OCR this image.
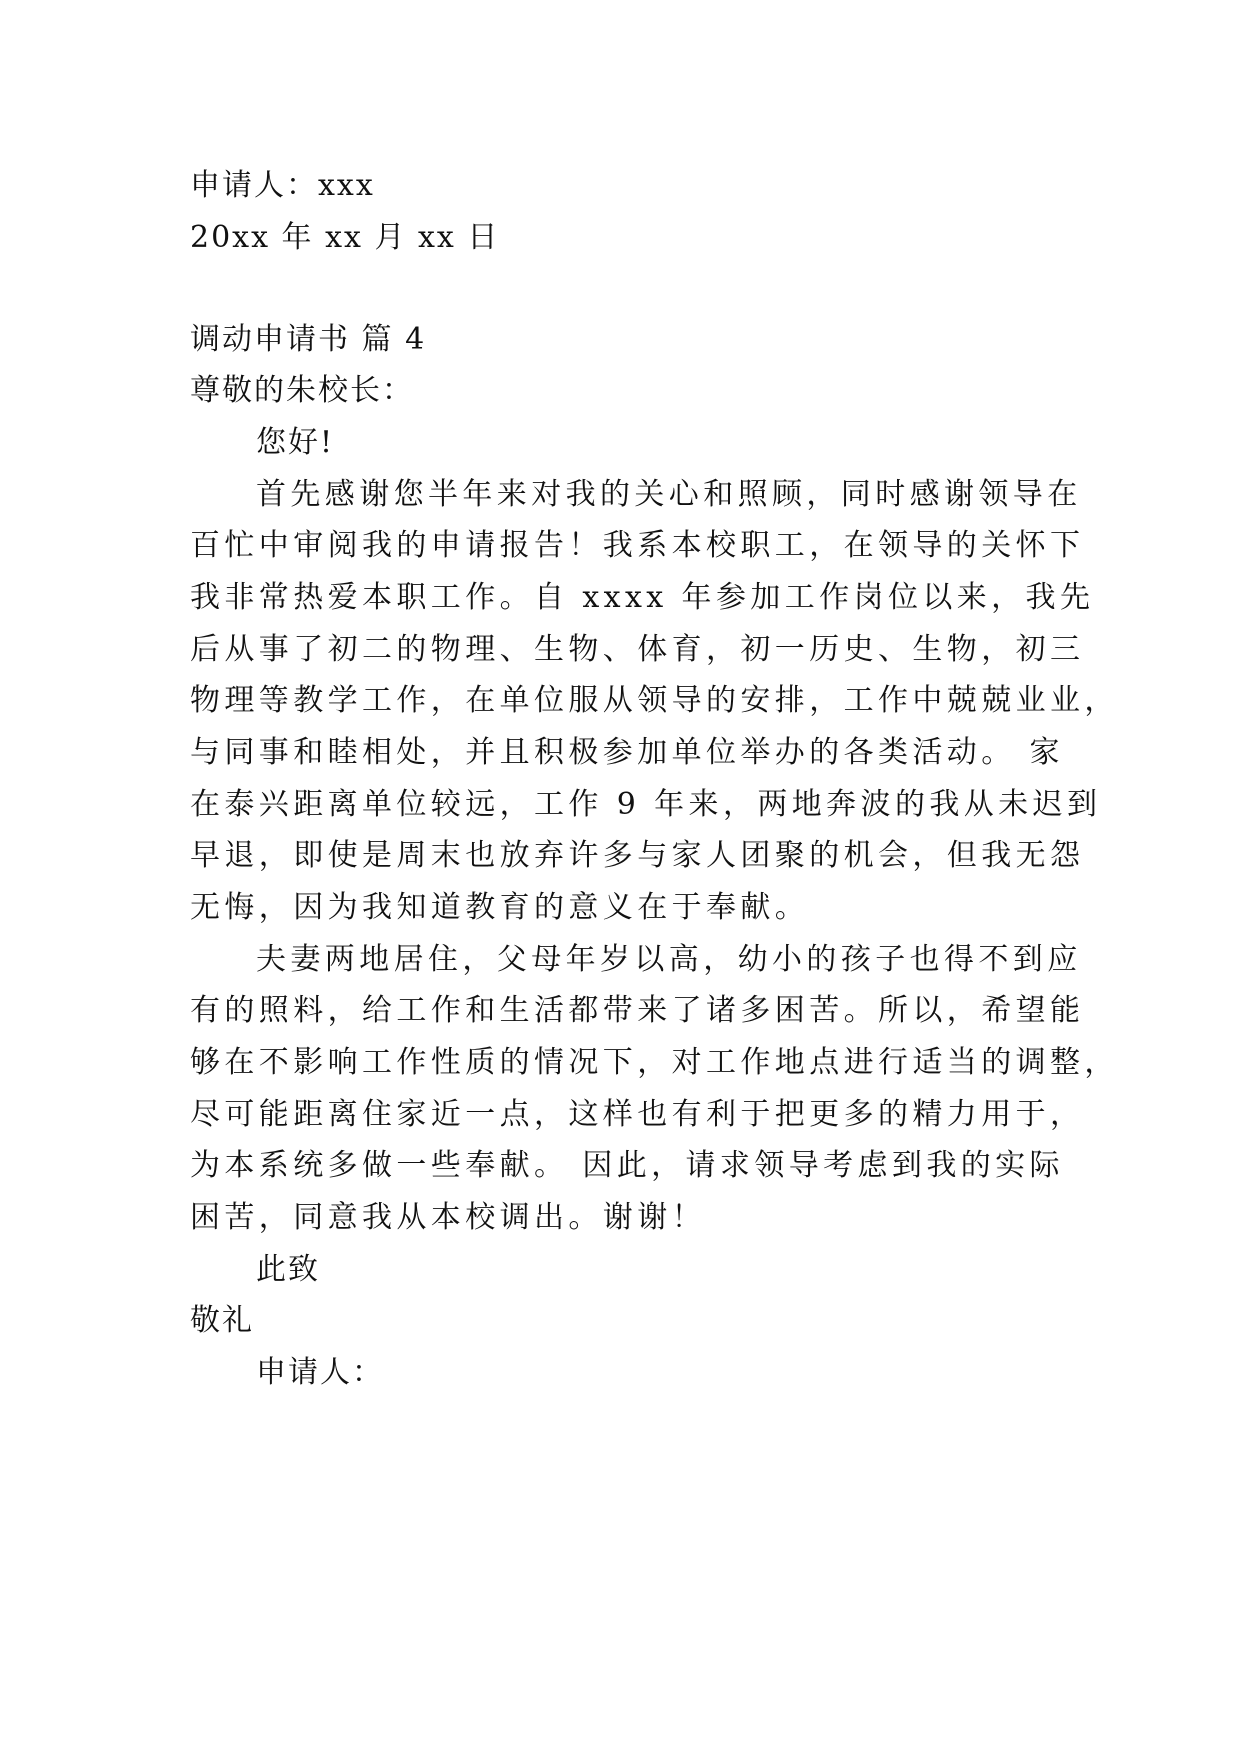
申请人：xxx
20xx 年 xx 月 xx 日
调动申请书 篇 4
尊敬的朱校长：
您好!
首先感谢您半年来对我的关心和照顾，同时感谢领导在
百忙中审阅我的申请报告！我系本校职工，在领导的关怀下
我非常热爱本职工作。自 xxxx 年参加工作岗位以来，我先
后从事了初二的物理、生物、体育，初一历史、生物，初三
物理等教学工作，在单位服从领导的安排，工作中兢兢业业，
与同事和睦相处，并且积极参加单位举办的各类活动。 家
在泰兴距离单位较远，工作 9 年来，两地奔波的我从未迟到
早退，即使是周末也放弃许多与家人团聚的机会，但我无怨
无悔，因为我知道教育的意义在于奉献。
夫妻两地居住，父母年岁以高，幼小的孩子也得不到应
有的照料，给工作和生活都带来了诸多困苦。所以，希望能
够在不影响工作性质的情况下，对工作地点进行适当的调整，
尽可能距离住家近一点，这样也有利于把更多的精力用于，
为本系统多做一些奉献。 因此，请求领导考虑到我的实际
困苦，同意我从本校调出。谢谢！
此致
敬礼
申请人：
